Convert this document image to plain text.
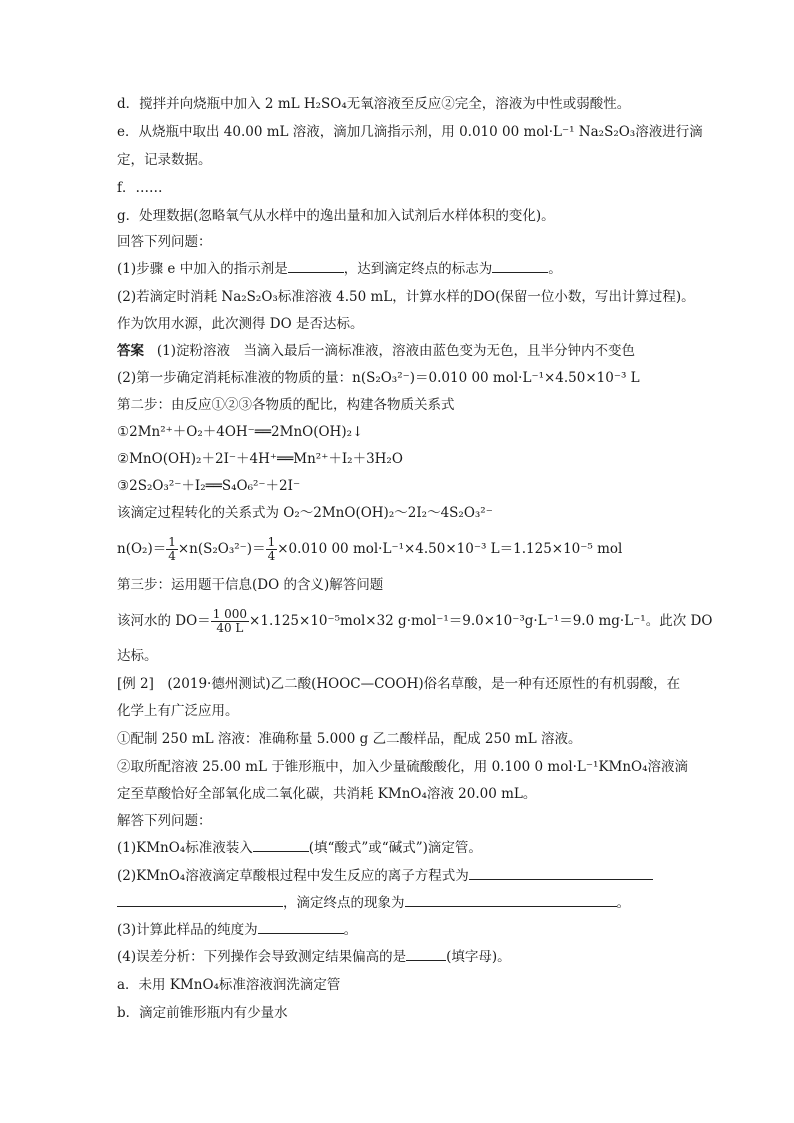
d．搅拌并向烧瓶中加入 2 mL H₂SO₄无氧溶液至反应②完全，溶液为中性或弱酸性。
e．从烧瓶中取出 40.00 mL 溶液，滴加几滴指示剂，用 0.010 00 mol·L⁻¹ Na₂S₂O₃溶液进行滴
定，记录数据。
f．……
g．处理数据(忽略氧气从水样中的逸出量和加入试剂后水样体积的变化)。
回答下列问题：
(1)步骤 e 中加入的指示剂是	，达到滴定终点的标志为	。
(2)若滴定时消耗 Na₂S₂O₃标准溶液 4.50 mL，计算水样的DO(保留一位小数，写出计算过程)。
作为饮用水源，此次测得 DO 是否达标。
答案 (1)淀粉溶液　当滴入最后一滴标准液，溶液由蓝色变为无色，且半分钟内不变色
(2)第一步确定消耗标准液的物质的量：n(S₂O₃²⁻)＝0.010 00 mol·L⁻¹×4.50×10⁻³ L
第二步：由反应①②③各物质的配比，构建各物质关系式
①2Mn²⁺＋O₂＋4OH⁻══2MnO(OH)₂↓
②MnO(OH)₂＋2I⁻＋4H⁺══Mn²⁺＋I₂＋3H₂O
③2S₂O₃²⁻＋I₂══S₄O₆²⁻＋2I⁻
该滴定过程转化的关系式为 O₂～2MnO(OH)₂～2I₂～4S₂O₃²⁻
$n(O_2)= \frac{1}{4} \times n(S_2O_3^{2-})= \frac{1}{4} \times 0.010$ 00 mol·L⁻¹×4.50×10⁻³ L＝1.125×10⁻⁵ mol
第三步：运用题干信息(DO 的含义)解答问题
该河水的 $DO= \frac{1 000}{40 L} \times 1.125\times 10^{-5}mol\times 32$ g·mol⁻¹＝9.0×10⁻³g·L⁻¹＝9.0 mg·L⁻¹。此次 DO
达标。
[例 2]　(2019·德州测试)乙二酸(HOOC—COOH)俗名草酸，是一种有还原性的有机弱酸，在
化学上有广泛应用。
①配制 250 mL 溶液：准确称量 5.000 g 乙二酸样品，配成 250 mL 溶液。
②取所配溶液 25.00 mL 于锥形瓶中，加入少量硫酸酸化，用 0.100 0 mol·L⁻¹KMnO₄溶液滴
定至草酸恰好全部氧化成二氧化碳，共消耗 KMnO₄溶液 20.00 mL。
解答下列问题：
(1)KMnO₄标准液装入	(填“酸式”或“碱式”)滴定管。
(2)KMnO₄溶液滴定草酸根过程中发生反应的离子方程式为
，滴定终点的现象为	。
(3)计算此样品的纯度为	。
(4)误差分析：下列操作会导致测定结果偏高的是	(填字母)。
a．未用 KMnO₄标准溶液润洗滴定管
b．滴定前锥形瓶内有少量水
